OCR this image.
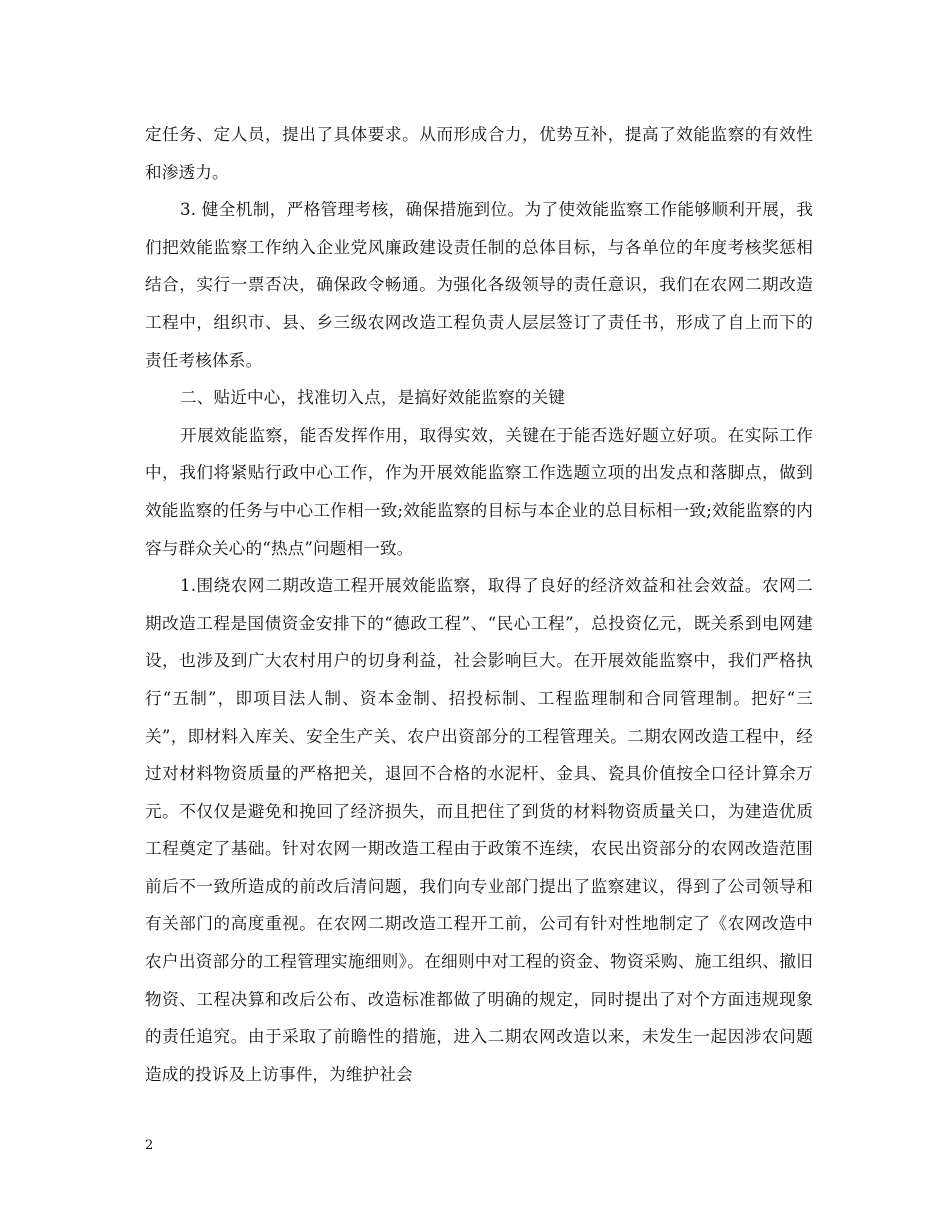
定任务、定人员，提出了具体要求。从而形成合力，优势互补，提高了效能监察的有效性和渗透力。

3. 健全机制，严格管理考核，确保措施到位。为了使效能监察工作能够顺利开展，我们把效能监察工作纳入企业党风廉政建设责任制的总体目标，与各单位的年度考核奖惩相结合，实行一票否决，确保政令畅通。为强化各级领导的责任意识，我们在农网二期改造工程中，组织市、县、乡三级农网改造工程负责人层层签订了责任书，形成了自上而下的责任考核体系。

二、贴近中心，找准切入点，是搞好效能监察的关键

开展效能监察，能否发挥作用，取得实效，关键在于能否选好题立好项。在实际工作中，我们将紧贴行政中心工作，作为开展效能监察工作选题立项的出发点和落脚点，做到效能监察的任务与中心工作相一致;效能监察的目标与本企业的总目标相一致;效能监察的内容与群众关心的“热点”问题相一致。

1.围绕农网二期改造工程开展效能监察，取得了良好的经济效益和社会效益。农网二期改造工程是国债资金安排下的“德政工程”、“民心工程”，总投资亿元，既关系到电网建设，也涉及到广大农村用户的切身利益，社会影响巨大。在开展效能监察中，我们严格执行“五制”，即项目法人制、资本金制、招投标制、工程监理制和合同管理制。把好“三关”，即材料入库关、安全生产关、农户出资部分的工程管理关。二期农网改造工程中，经过对材料物资质量的严格把关，退回不合格的水泥杆、金具、瓷具价值按全口径计算余万元。不仅仅是避免和挽回了经济损失，而且把住了到货的材料物资质量关口，为建造优质工程奠定了基础。针对农网一期改造工程由于政策不连续，农民出资部分的农网改造范围前后不一致所造成的前改后清问题，我们向专业部门提出了监察建议，得到了公司领导和有关部门的高度重视。在农网二期改造工程开工前，公司有针对性地制定了《农网改造中农户出资部分的工程管理实施细则》。在细则中对工程的资金、物资采购、施工组织、撤旧物资、工程决算和改后公布、改造标准都做了明确的规定，同时提出了对个方面违规现象的责任追究。由于采取了前瞻性的措施，进入二期农网改造以来，未发生一起因涉农问题造成的投诉及上访事件，为维护社会

2
